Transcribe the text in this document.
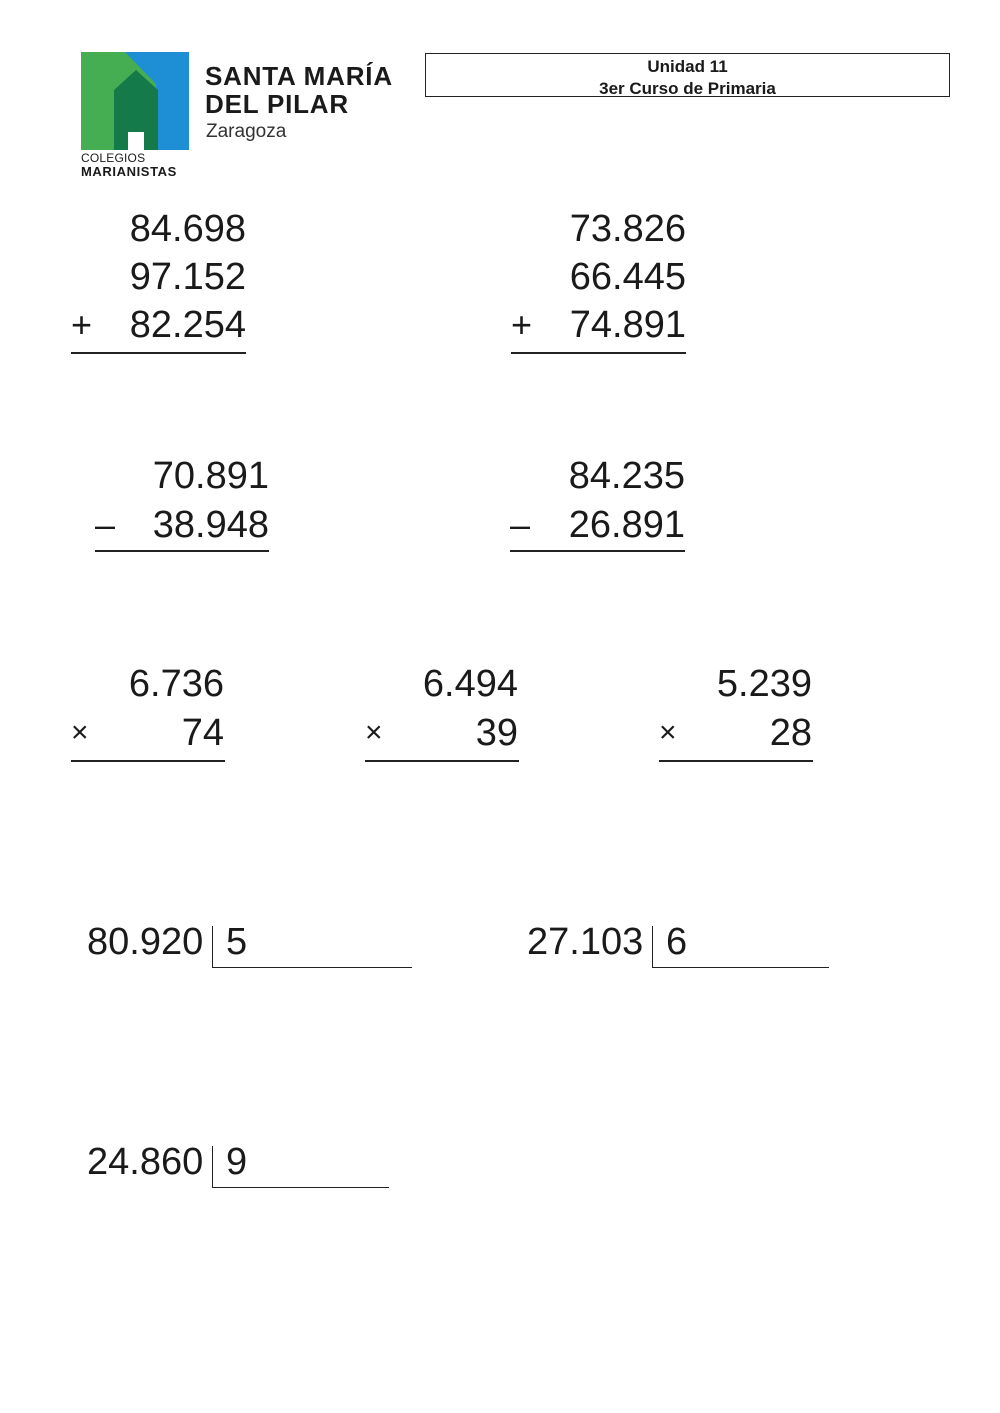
COLEGIOS
MARIANISTAS
SANTA MARÍA
DEL PILAR
Zaragoza
Unidad 11
3er Curso de Primaria
84.698
97.152
+ 82.254
73.826
66.445
+ 74.891
70.891
– 38.948
84.235
–	26.891
6.736
×	74
6.494
×	39
5.239
×	28
80.920 5	27.103 6
24.860 9
